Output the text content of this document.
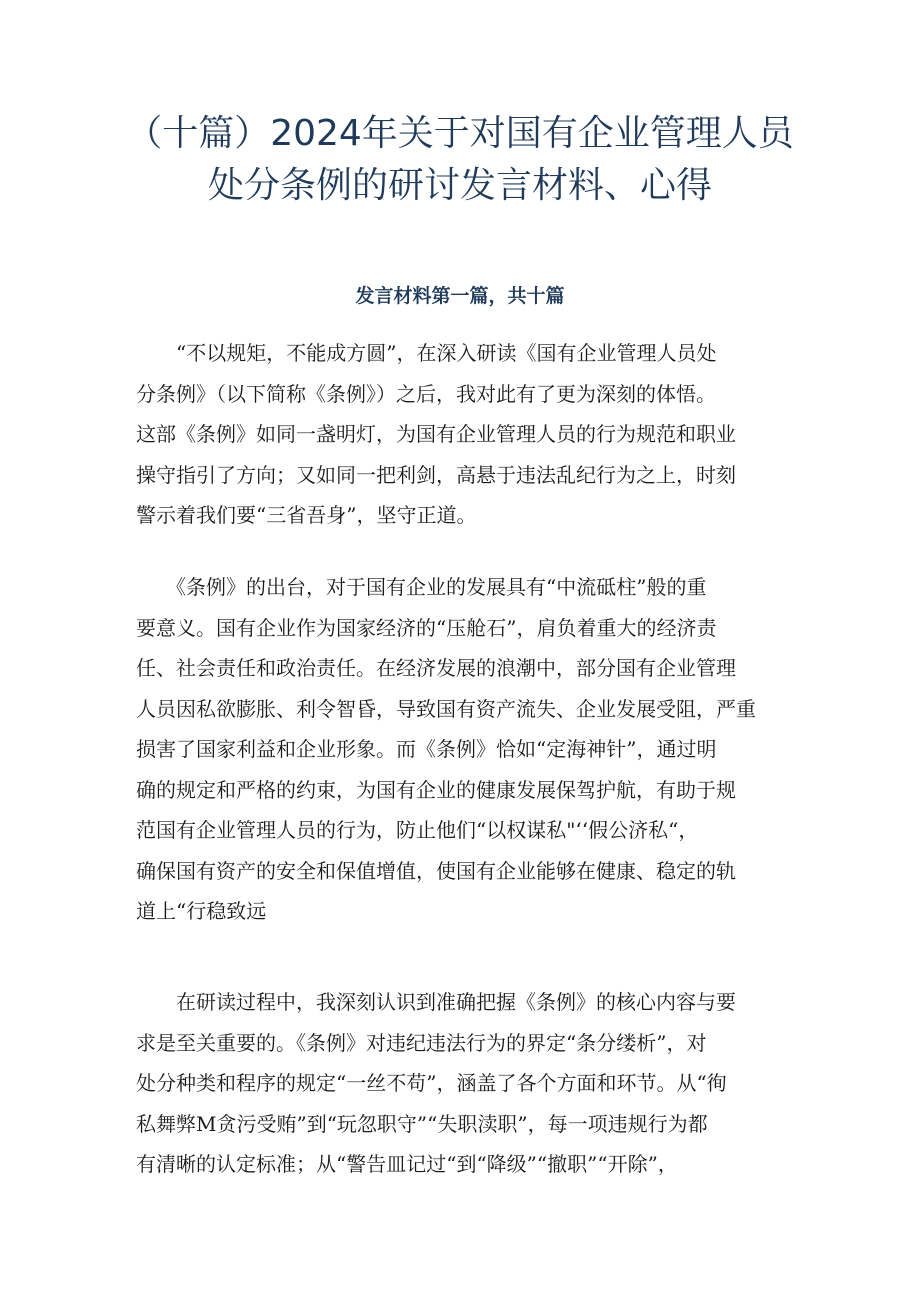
（十篇）2024年关于对国有企业管理人员
处分条例的研讨发言材料、心得
发言材料第一篇，共十篇
　　“不以规矩，不能成方圆”，在深入研读《国有企业管理人员处
分条例》（以下简称《条例》）之后，我对此有了更为深刻的体悟。
这部《条例》如同一盏明灯，为国有企业管理人员的行为规范和职业
操守指引了方向；又如同一把利剑，高悬于违法乱纪行为之上，时刻
警示着我们要“三省吾身”，坚守正道。
　　《条例》的出台，对于国有企业的发展具有“中流砥柱”般的重
要意义。国有企业作为国家经济的“压舱石”，肩负着重大的经济责
任、社会责任和政治责任。在经济发展的浪潮中，部分国有企业管理
人员因私欲膨胀、利令智昏，导致国有资产流失、企业发展受阻，严重
损害了国家利益和企业形象。而《条例》恰如“定海神针”，通过明
确的规定和严格的约束，为国有企业的健康发展保驾护航，有助于规
范国有企业管理人员的行为，防止他们“以权谋私"‘‘假公济私“，
确保国有资产的安全和保值增值，使国有企业能够在健康、稳定的轨
道上“行稳致远
　　在研读过程中，我深刻认识到准确把握《条例》的核心内容与要
求是至关重要的。《条例》对违纪违法行为的界定“条分缕析”，对
处分种类和程序的规定“一丝不苟”，涵盖了各个方面和环节。从“徇
私舞弊M贪污受贿”到“玩忽职守”“失职渎职”，每一项违规行为都
有清晰的认定标准；从“警告皿记过“到“降级”“撤职”“开除”，
